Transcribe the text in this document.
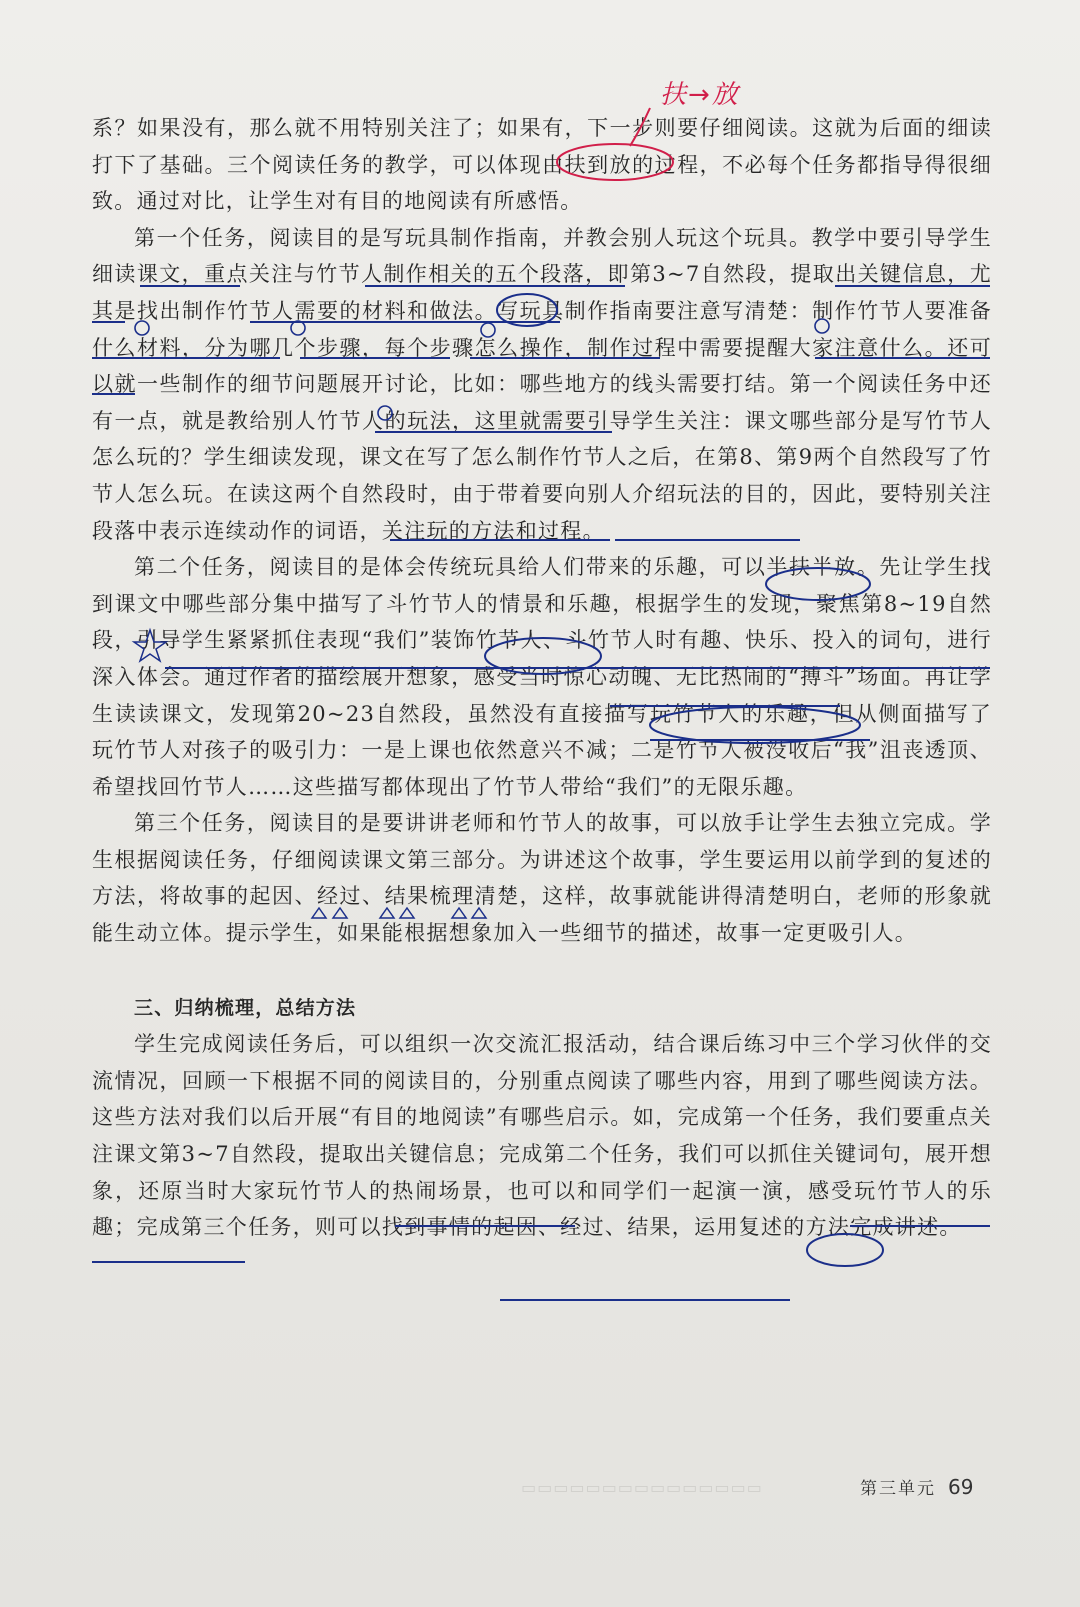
扶→放

系？如果没有，那么就不用特别关注了；如果有，下一步则要仔细阅读。这就为后面的细读打下了基础。三个阅读任务的教学，可以体现由扶到放的过程，不必每个任务都指导得很细致。通过对比，让学生对有目的地阅读有所感悟。

第一个任务，阅读目的是写玩具制作指南，并教会别人玩这个玩具。教学中要引导学生细读课文，重点关注与竹节人制作相关的五个段落，即第3~7自然段，提取出关键信息，尤其是找出制作竹节人需要的材料和做法。写玩具制作指南要注意写清楚：制作竹节人要准备什么材料，分为哪几个步骤，每个步骤怎么操作，制作过程中需要提醒大家注意什么。还可以就一些制作的细节问题展开讨论，比如：哪些地方的线头需要打结。第一个阅读任务中还有一点，就是教给别人竹节人的玩法，这里就需要引导学生关注：课文哪些部分是写竹节人怎么玩的？学生细读发现，课文在写了怎么制作竹节人之后，在第8、第9两个自然段写了竹节人怎么玩。在读这两个自然段时，由于带着要向别人介绍玩法的目的，因此，要特别关注段落中表示连续动作的词语，关注玩的方法和过程。

第二个任务，阅读目的是体会传统玩具给人们带来的乐趣，可以半扶半放。先让学生找到课文中哪些部分集中描写了斗竹节人的情景和乐趣，根据学生的发现，聚焦第8~19自然段，引导学生紧紧抓住表现“我们”装饰竹节人、斗竹节人时有趣、快乐、投入的词句，进行深入体会。通过作者的描绘展开想象，感受当时惊心动魄、无比热闹的“搏斗”场面。再让学生读读课文，发现第20~23自然段，虽然没有直接描写玩竹节人的乐趣，但从侧面描写了玩竹节人对孩子的吸引力：一是上课也依然意兴不减；二是竹节人被没收后“我”沮丧透顶、希望找回竹节人……这些描写都体现出了竹节人带给“我们”的无限乐趣。

第三个任务，阅读目的是要讲讲老师和竹节人的故事，可以放手让学生去独立完成。学生根据阅读任务，仔细阅读课文第三部分。为讲述这个故事，学生要运用以前学到的复述的方法，将故事的起因、经过、结果梳理清楚，这样，故事就能讲得清楚明白，老师的形象就能生动立体。提示学生，如果能根据想象加入一些细节的描述，故事一定更吸引人。

三、归纳梳理，总结方法

学生完成阅读任务后，可以组织一次交流汇报活动，结合课后练习中三个学习伙伴的交流情况，回顾一下根据不同的阅读目的，分别重点阅读了哪些内容，用到了哪些阅读方法。这些方法对我们以后开展“有目的地阅读”有哪些启示。如，完成第一个任务，我们要重点关注课文第3~7自然段，提取出关键信息；完成第二个任务，我们可以抓住关键词句，展开想象，还原当时大家玩竹节人的热闹场景，也可以和同学们一起演一演，感受玩竹节人的乐趣；完成第三个任务，则可以找到事情的起因、经过、结果，运用复述的方法完成讲述。

▭▭▭▭▭▭▭▭▭▭▭▭▭▭▭	第三单元 69
